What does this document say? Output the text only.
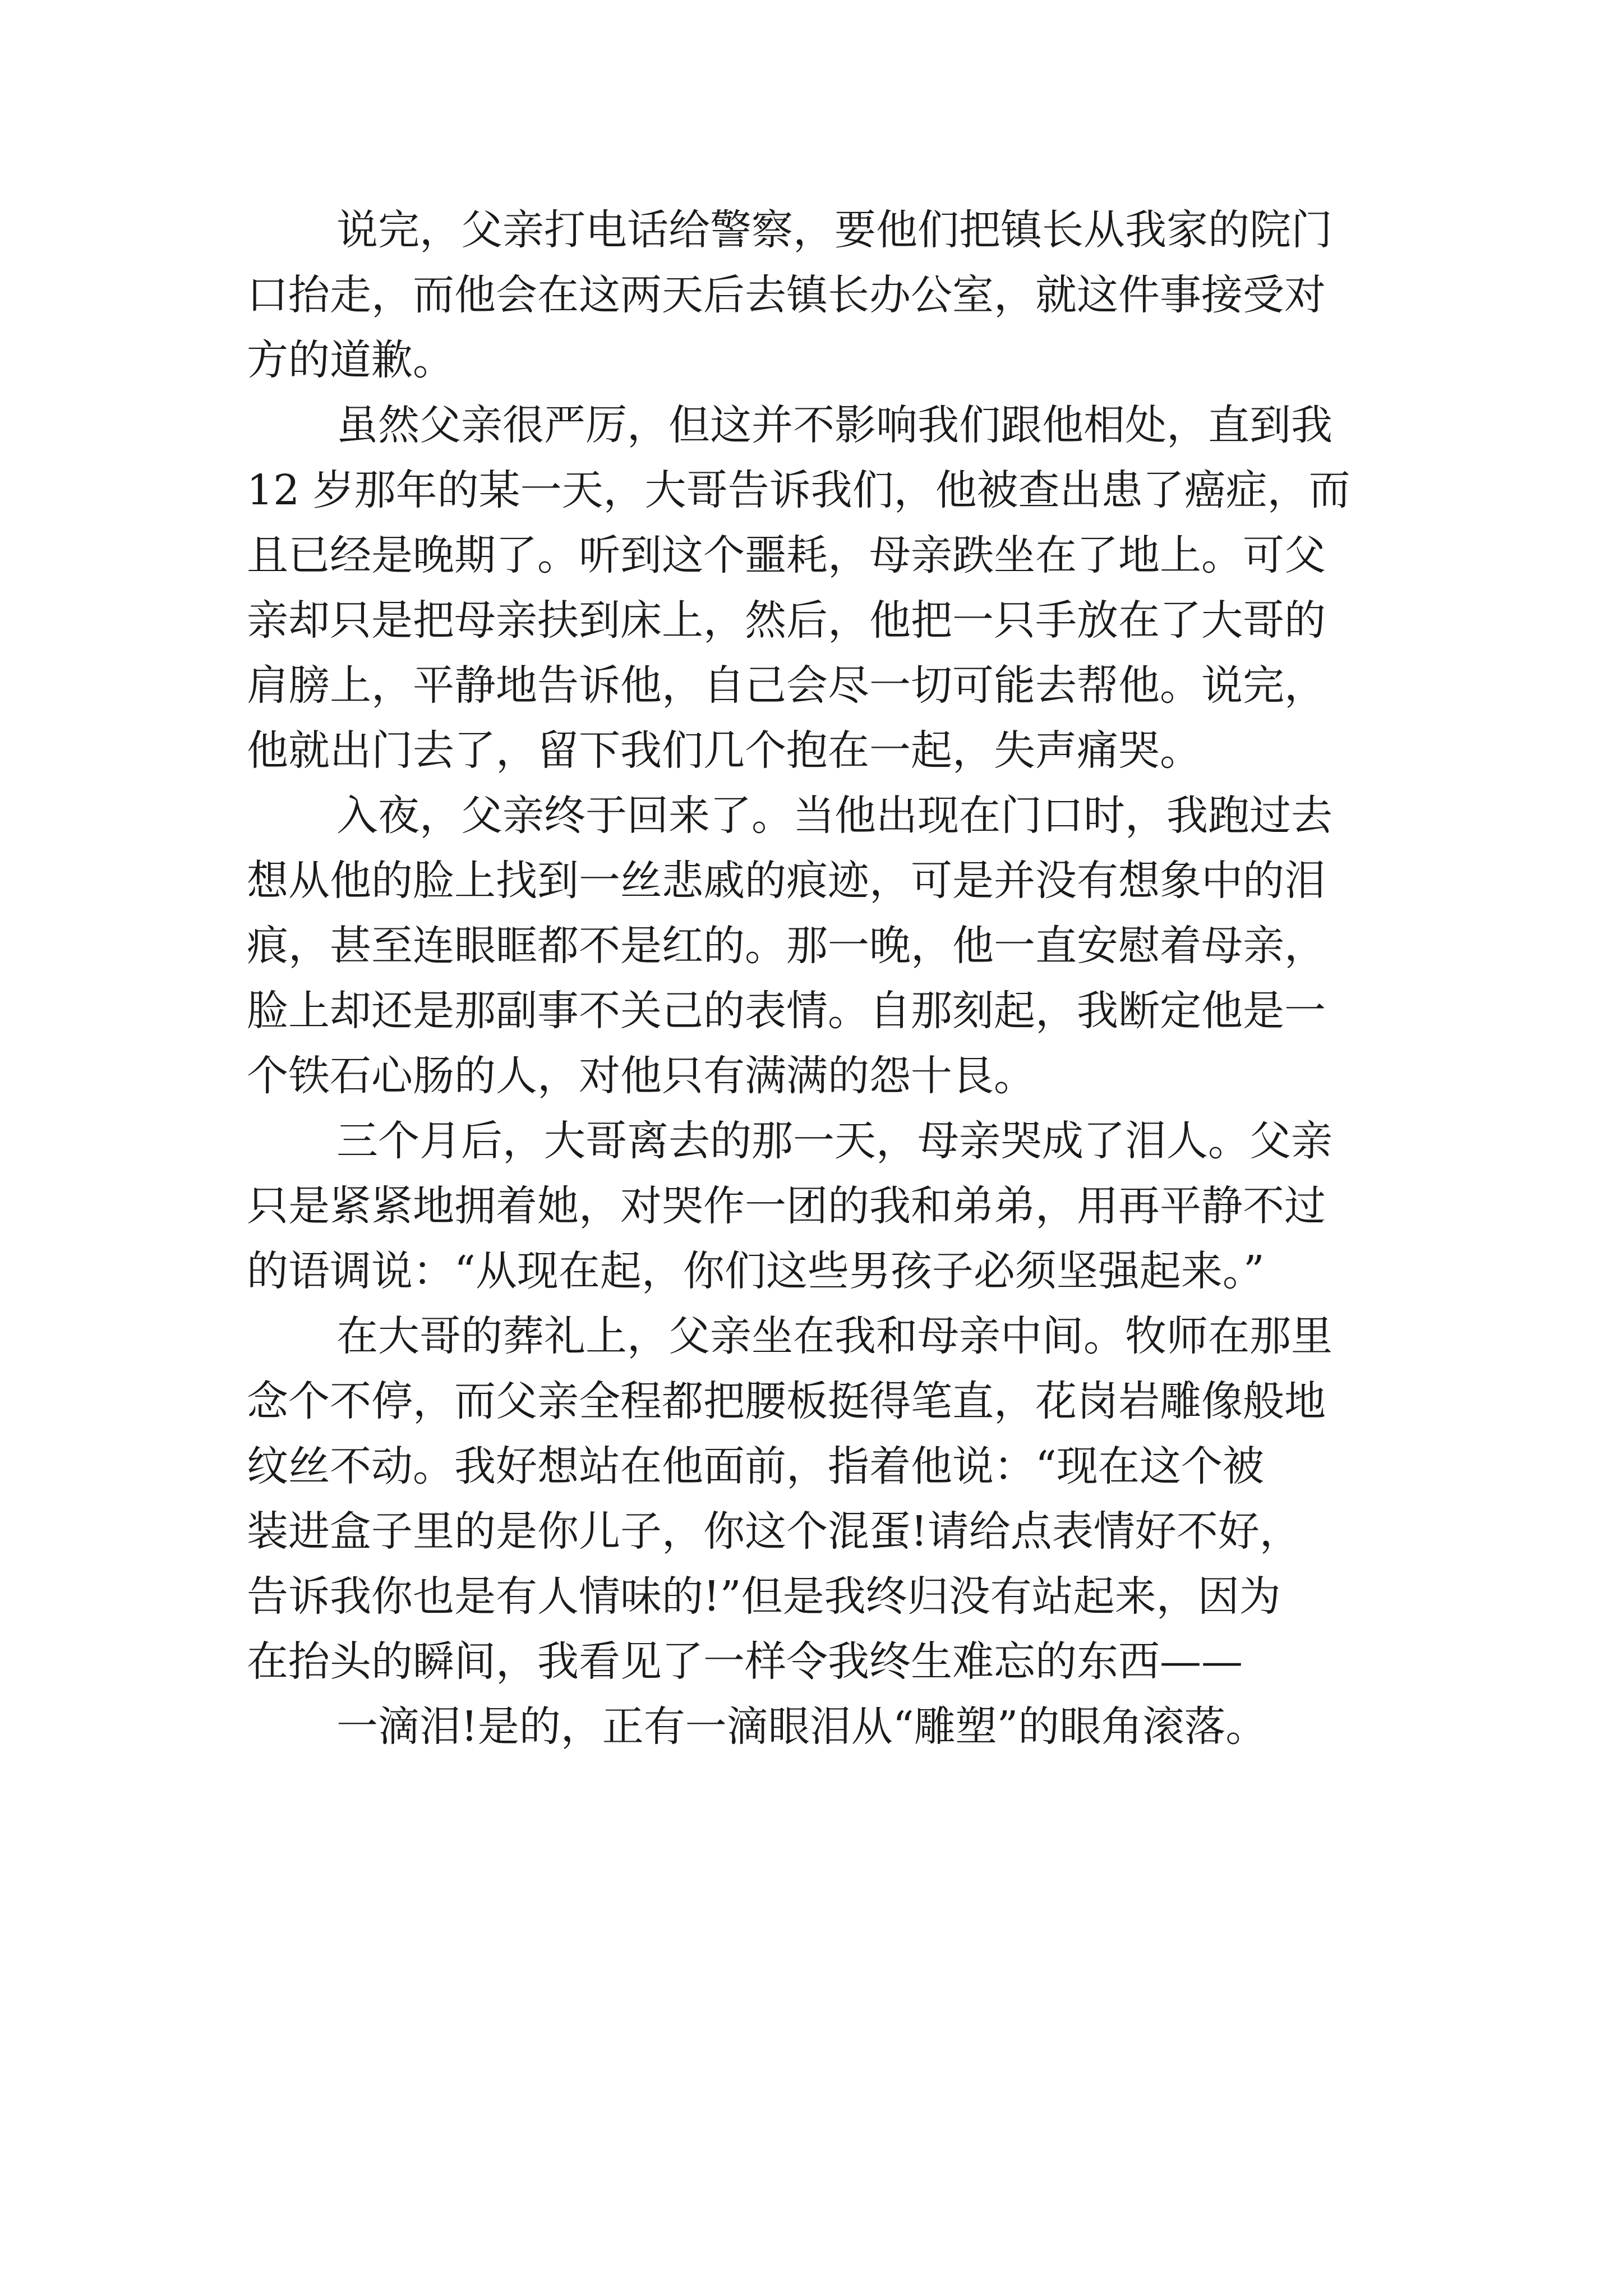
说完，父亲打电话给警察，要他们把镇长从我家的院门
口抬走，而他会在这两天后去镇长办公室，就这件事接受对
方的道歉。
虽然父亲很严厉，但这并不影响我们跟他相处，直到我
12 岁那年的某一天，大哥告诉我们，他被查出患了癌症，而
且已经是晚期了。听到这个噩耗，母亲跌坐在了地上。可父
亲却只是把母亲扶到床上，然后，他把一只手放在了大哥的
肩膀上，平静地告诉他，自己会尽一切可能去帮他。说完，
他就出门去了，留下我们几个抱在一起，失声痛哭。
入夜，父亲终于回来了。当他出现在门口时，我跑过去
想从他的脸上找到一丝悲戚的痕迹，可是并没有想象中的泪
痕，甚至连眼眶都不是红的。那一晚，他一直安慰着母亲，
脸上却还是那副事不关己的表情。自那刻起，我断定他是一
个铁石心肠的人，对他只有满满的怨十艮。
三个月后，大哥离去的那一天，母亲哭成了泪人。父亲
只是紧紧地拥着她，对哭作一团的我和弟弟，用再平静不过
的语调说：“从现在起，你们这些男孩子必须坚强起来。”
在大哥的葬礼上，父亲坐在我和母亲中间。牧师在那里
念个不停，而父亲全程都把腰板挺得笔直，花岗岩雕像般地
纹丝不动。我好想站在他面前，指着他说：“现在这个被
装进盒子里的是你儿子，你这个混蛋!请给点表情好不好，
告诉我你也是有人情味的!”但是我终归没有站起来，因为
在抬头的瞬间，我看见了一样令我终生难忘的东西——
一滴泪!是的，正有一滴眼泪从“雕塑”的眼角滚落。
